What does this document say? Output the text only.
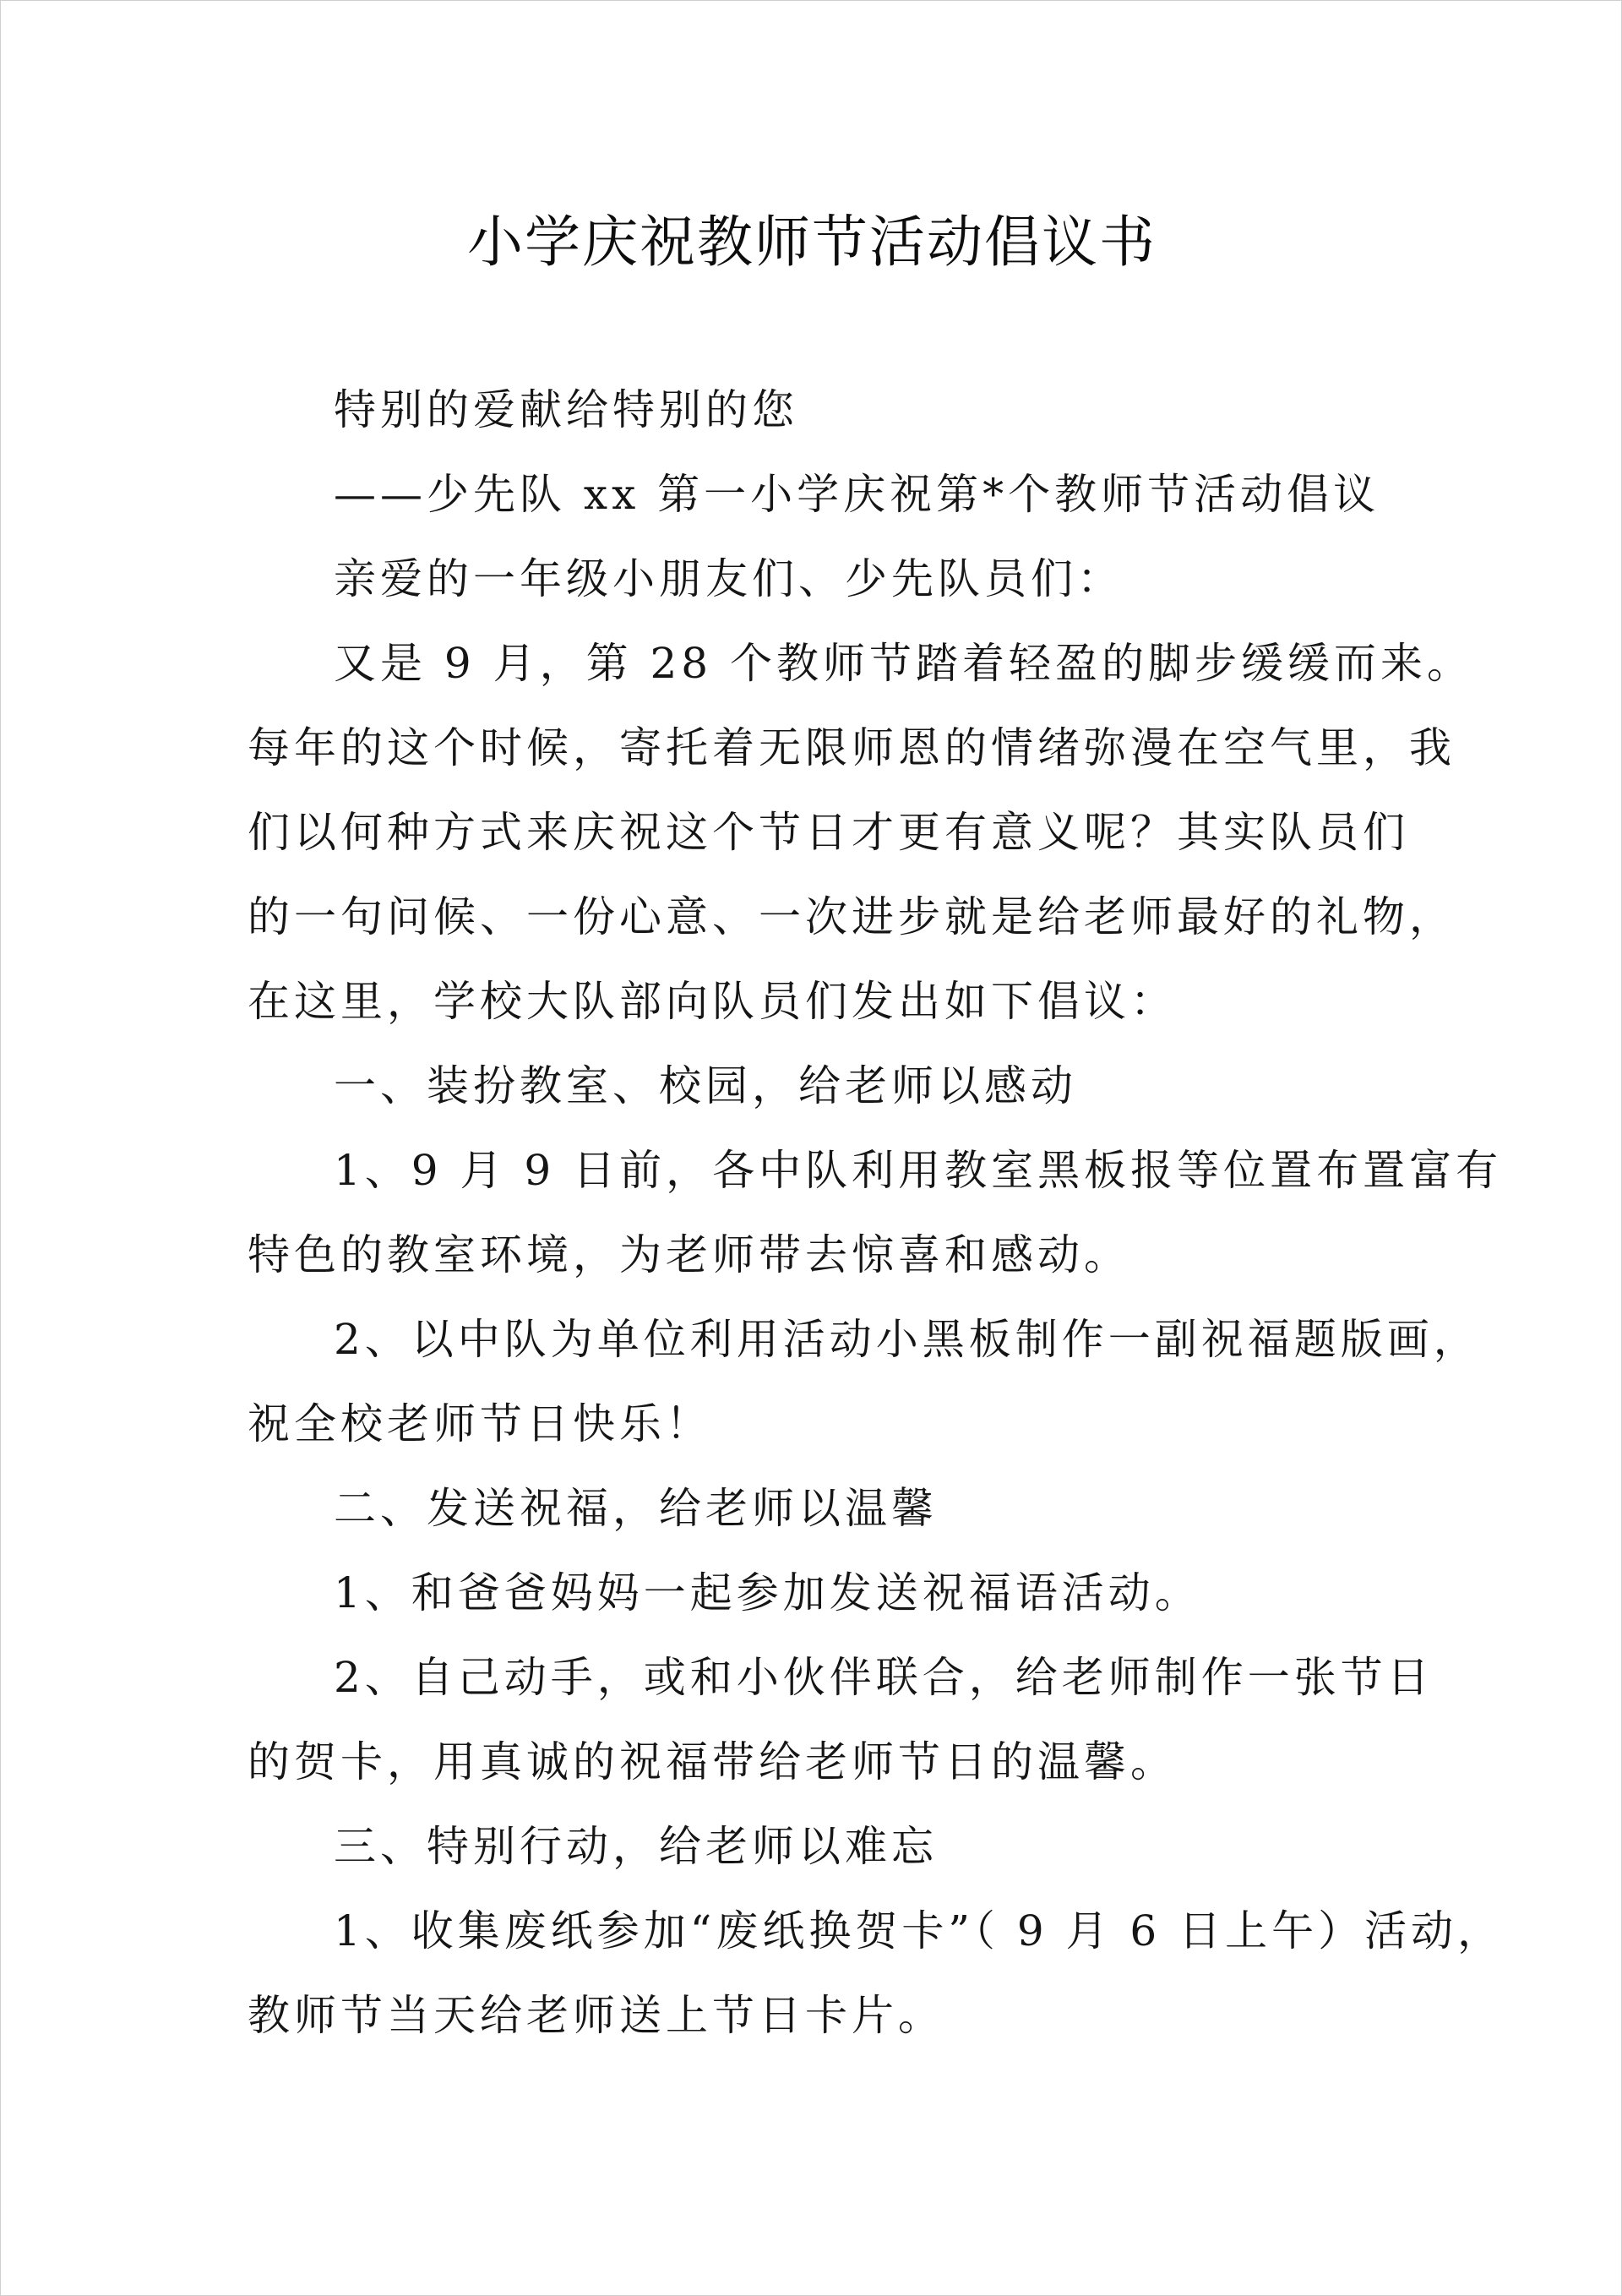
小学庆祝教师节活动倡议书
特别的爱献给特别的您
——少先队 xx 第一小学庆祝第*个教师节活动倡议
亲爱的一年级小朋友们、少先队员们：
又是 9 月，第 28 个教师节踏着轻盈的脚步缓缓而来。
每年的这个时候，寄托着无限师恩的情绪弥漫在空气里，我
们以何种方式来庆祝这个节日才更有意义呢？其实队员们
的一句问候、一份心意、一次进步就是给老师最好的礼物，
在这里，学校大队部向队员们发出如下倡议：
一、装扮教室、校园，给老师以感动
1、9 月 9 日前，各中队利用教室黑板报等位置布置富有
特色的教室环境，为老师带去惊喜和感动。
2、以中队为单位利用活动小黑板制作一副祝福题版画，
祝全校老师节日快乐！
二、发送祝福，给老师以温馨
1、和爸爸妈妈一起参加发送祝福语活动。
2、自己动手，或和小伙伴联合，给老师制作一张节日
的贺卡，用真诚的祝福带给老师节日的温馨。
三、特别行动，给老师以难忘
1、收集废纸参加“废纸换贺卡”（ 9 月 6 日上午）活动，
教师节当天给老师送上节日卡片。
